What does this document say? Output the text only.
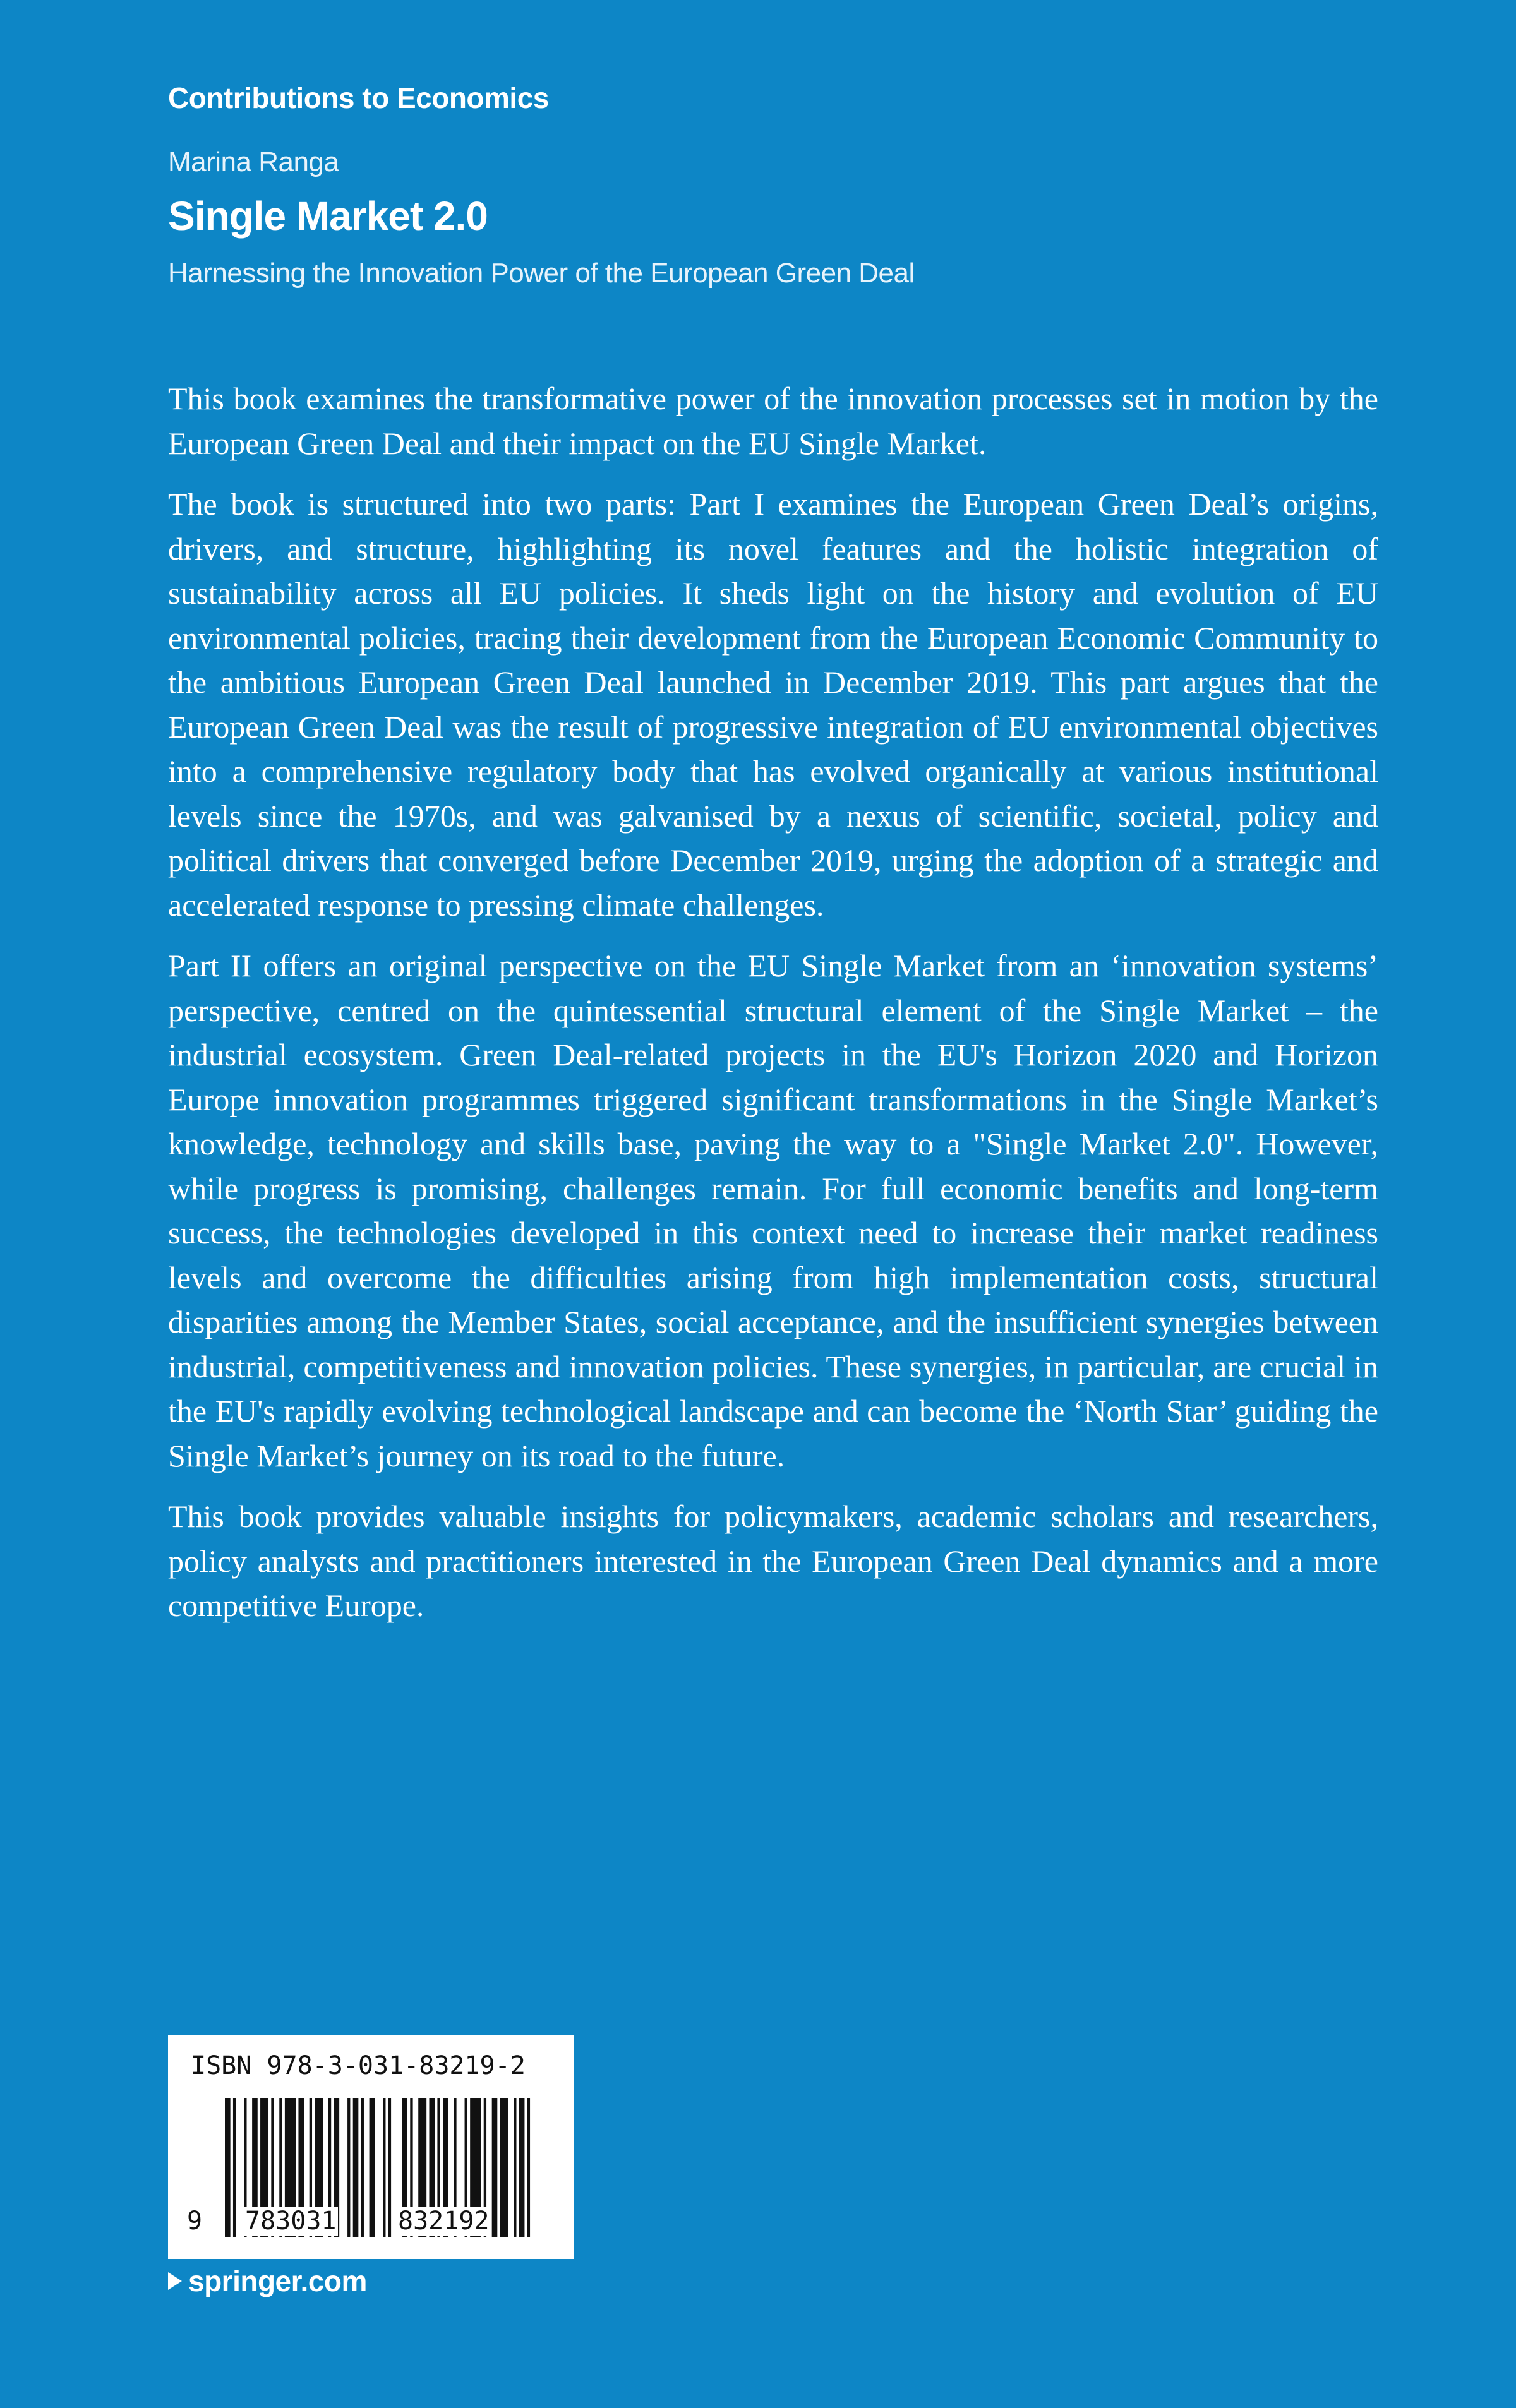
Contributions to Economics
Marina Ranga
Single Market 2.0
Harnessing the Innovation Power of the European Green Deal

This book examines the transformative power of the innovation processes set in motion by the European Green Deal and their impact on the EU Single Market.

The book is structured into two parts: Part I examines the European Green Deal’s origins, drivers, and structure, highlighting its novel features and the holistic integration of sustainability across all EU policies. It sheds light on the history and evolution of EU environmental policies, tracing their development from the European Economic Community to the ambitious European Green Deal launched in December 2019. This part argues that the European Green Deal was the result of progressive integration of EU environmental objectives into a comprehensive regulatory body that has evolved organically at various institutional levels since the 1970s, and was galvanised by a nexus of scientific, societal, policy and political drivers that converged before December 2019, urging the adoption of a strategic and accelerated response to pressing climate challenges.

Part II offers an original perspective on the EU Single Market from an ‘innovation systems’ perspective, centred on the quintessential structural element of the Single Market – the industrial ecosystem. Green Deal-related projects in the EU's Horizon 2020 and Horizon Europe innovation programmes triggered significant transformations in the Single Market’s knowledge, technology and skills base, paving the way to a "Single Market 2.0". However, while progress is promising, challenges remain. For full economic benefits and long-term success, the technologies developed in this context need to increase their market readiness levels and overcome the difficulties arising from high implementation costs, structural disparities among the Member States, social acceptance, and the insufficient synergies between industrial, competitiveness and innovation policies. These synergies, in particular, are crucial in the EU's rapidly evolving technological landscape and can become the ‘North Star’ guiding the Single Market’s journey on its road to the future.

This book provides valuable insights for policymakers, academic scholars and researchers, policy analysts and practitioners interested in the European Green Deal dynamics and a more competitive Europe.

ISBN 978-3-031-83219-2
9 783031 832192
springer.com
